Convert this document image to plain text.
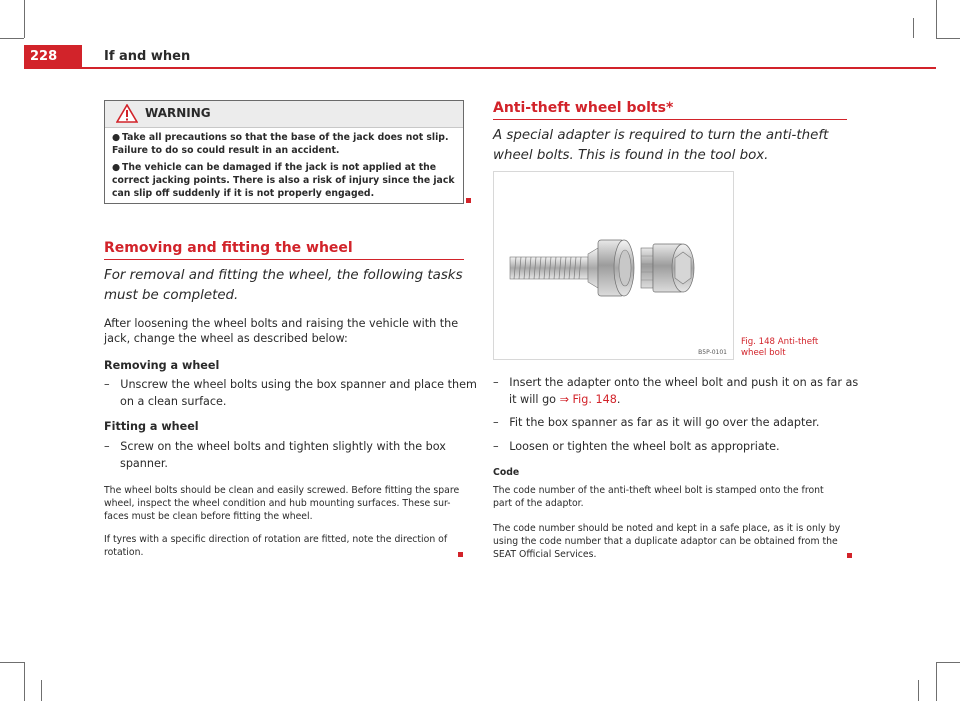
228	If and when
WARNING

● Take all precautions so that the base of the jack does not slip. Failure to do so could result in an accident.

● The vehicle can be damaged if the jack is not applied at the correct jacking points. There is also a risk of injury since the jack can slip off suddenly if it is not properly engaged.

Removing and fitting the wheel
For removal and fitting the wheel, the following tasks must be completed.
After loosening the wheel bolts and raising the vehicle with the jack, change the wheel as described below:
Removing a wheel
–   Unscrew the wheel bolts using the box spanner and place them on a clean surface.
Fitting a wheel
–   Screw on the wheel bolts and tighten slightly with the box spanner.
The wheel bolts should be clean and easily screwed. Before fitting the spare wheel, inspect the wheel condition and hub mounting surfaces. These sur-faces must be clean before fitting the wheel.
If tyres with a specific direction of rotation are fitted, note the direction of rotation.
Anti-theft wheel bolts*
A special adapter is required to turn the anti-theft wheel bolts. This is found in the tool box.
B5P-0101
Fig. 148 Anti-theft
wheel bolt
–   Insert the adapter onto the wheel bolt and push it on as far as it will go ⇒ Fig. 148.
–   Fit the box spanner as far as it will go over the adapter.
–   Loosen or tighten the wheel bolt as appropriate.
Code
The code number of the anti-theft wheel bolt is stamped onto the front part of the adaptor.
The code number should be noted and kept in a safe place, as it is only by using the code number that a duplicate adaptor can be obtained from the SEAT Official Services.
